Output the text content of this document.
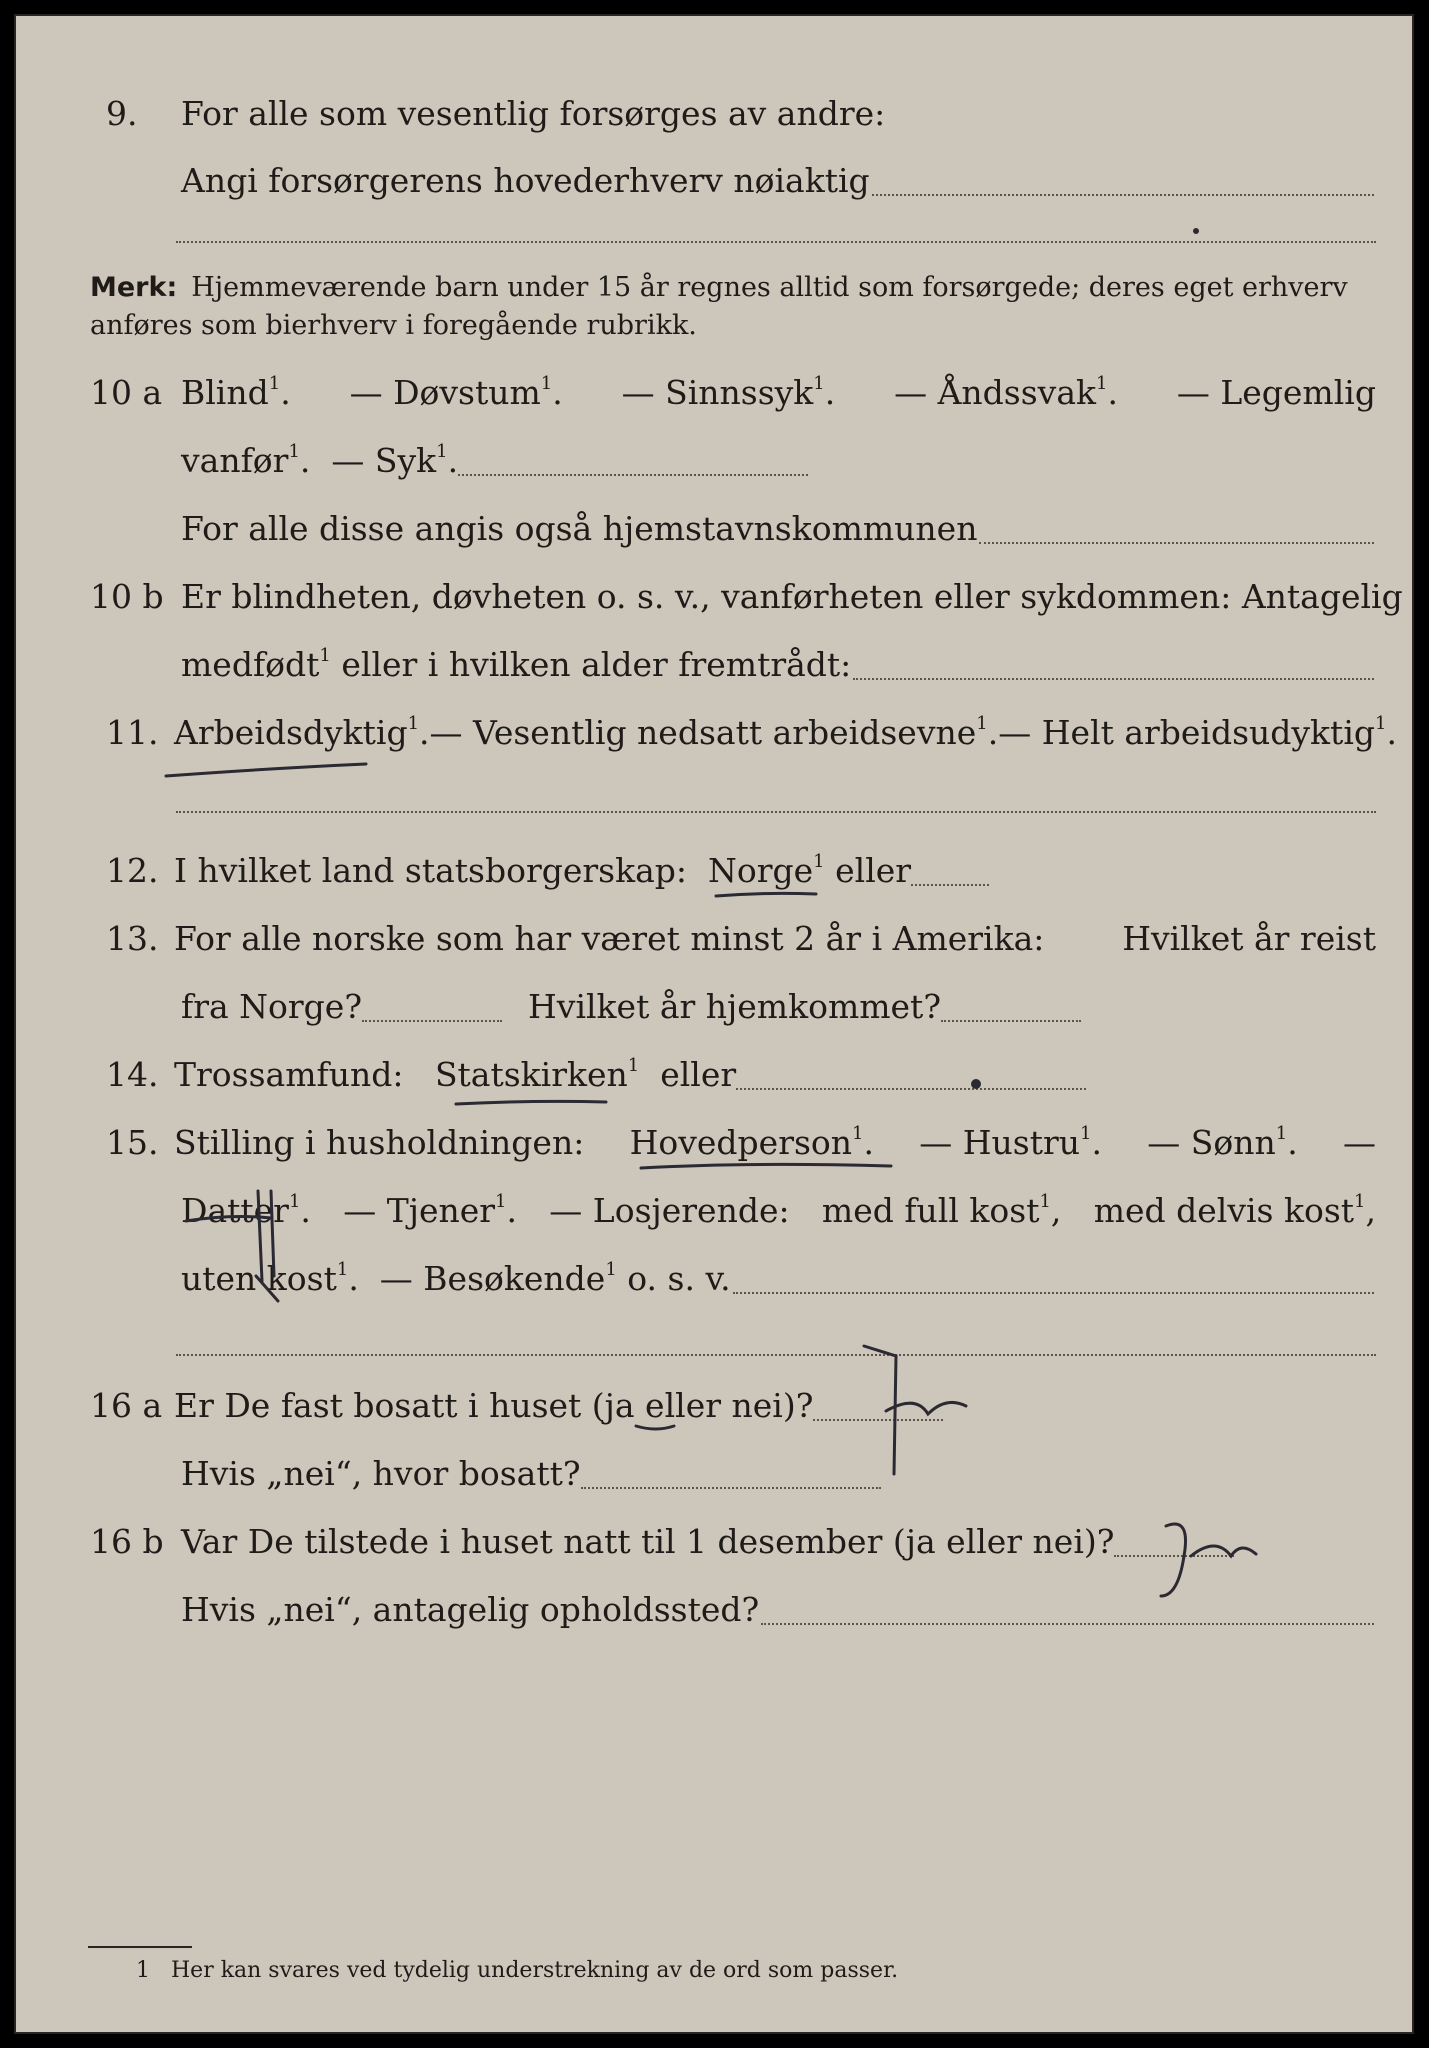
9. For alle som vesentlig forsørges av andre:
Angi forsørgerens hovederhverv nøiaktig
Merk: Hjemmeværende barn under 15 år regnes alltid som forsørgede; deres eget erhverv anføres som bierhverv i foregående rubrikk.
10 a Blind$^1$. — Døvstum$^1$. — Sinnssyk$^1$. — Åndssvak$^1$. — Legemlig
vanfør$^1$.
— Syk$^1$.
For alle disse angis også hjemstavnskommunen
10 b Er blindheten, døvheten o. s. v., vanførheten eller sykdommen: Antagelig
medfødt$^1$
eller i hvilken alder fremtrådt:
11. Arbeidsdyktig$^1$. — Vesentlig nedsatt arbeidsevne$^1$. — Helt arbeidsudyktig$^1$.
12. I hvilket land statsborgerskap:
Norge$^1$
eller
13. For alle norske som har været minst 2 år i Amerika: Hvilket år reist
fra Norge?	Hvilket år hjemkommet?
14. Trossamfund:
Statskirken$^1$
eller
15. Stilling i husholdningen: Hovedperson$^1$. — Hustru$^1$. — Sønn$^1$. —
Datter$^1$. — Tjener$^1$. — Losjerende: med full kost$^1$, med delvis kost$^1$,
uten kost$^1$.
— Besøkende$^1$
o. s. v.
16 a Er De fast bosatt i huset (ja eller nei)?
Hvis „nei“, hvor bosatt?
16 b Var De tilstede i huset natt til 1 desember (ja eller nei)?
Hvis „nei“, antagelig opholdssted?
1 Her kan svares ved tydelig understrekning av de ord som passer.
